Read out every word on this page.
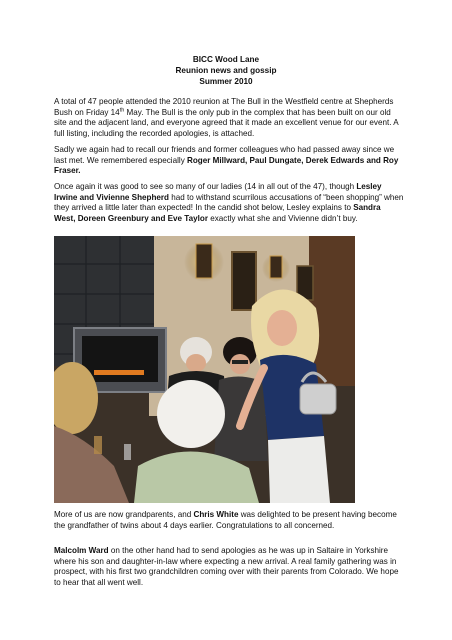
BICC Wood Lane
Reunion news and gossip
Summer 2010

A total of 47 people attended the 2010 reunion at The Bull in the Westfield centre at Shepherds Bush on Friday 14th May. The Bull is the only pub in the complex that has been built on our old site and the adjacent land, and everyone agreed that it made an excellent venue for our event. A full listing, including the recorded apologies, is attached.

Sadly we again had to recall our friends and former colleagues who had passed away since we last met. We remembered especially Roger Millward, Paul Dungate, Derek Edwards and Roy Fraser.

Once again it was good to see so many of our ladies (14 in all out of the 47), though Lesley Irwine and Vivienne Shepherd had to withstand scurrilous accusations of “been shopping” when they arrived a little later than expected! In the candid shot below, Lesley explains to Sandra West, Doreen Greenbury and Eve Taylor exactly what she and Vivienne didn’t buy.

More of us are now grandparents, and Chris White was delighted to be present having become the grandfather of twins about 4 days earlier. Congratulations to all concerned.

Malcolm Ward on the other hand had to send apologies as he was up in Saltaire in Yorkshire where his son and daughter-in-law where expecting a new arrival. A real family gathering was in prospect, with his first two grandchildren coming over with their parents from Colorado. We hope to hear that all went well.
